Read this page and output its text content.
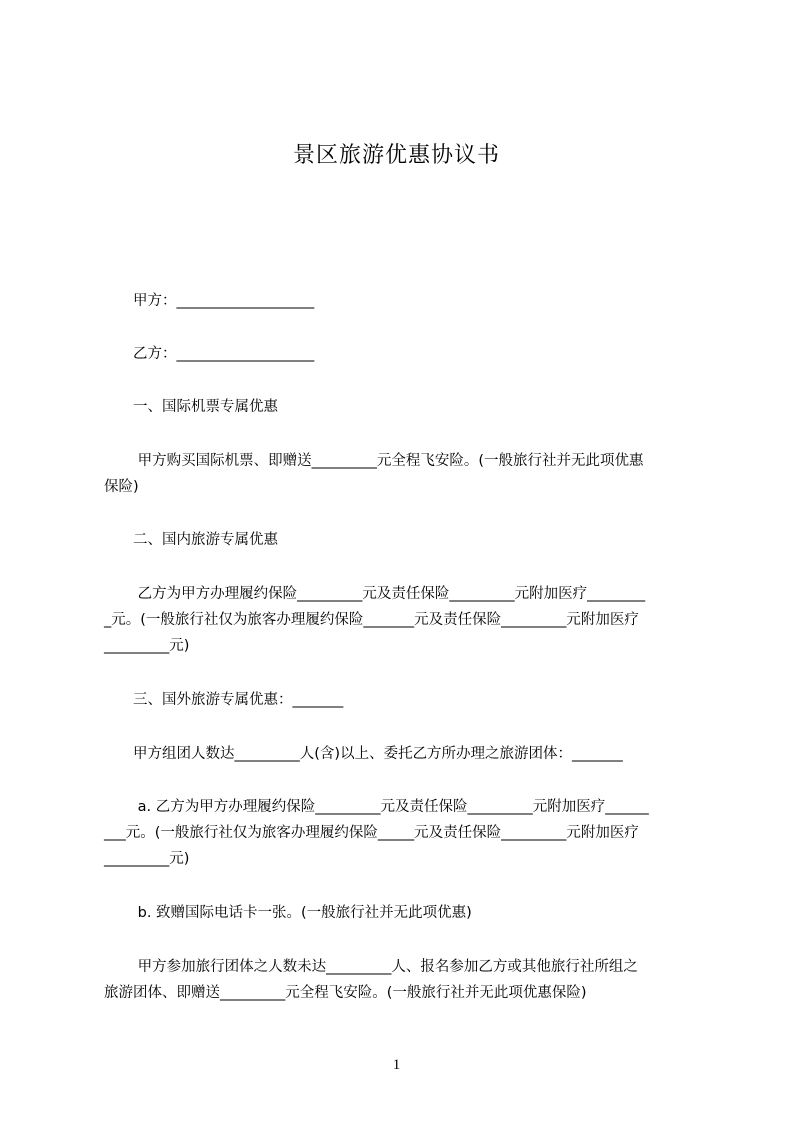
景区旅游优惠协议书
　　甲方：___________________
　　乙方：___________________
　　一、国际机票专属优惠
　　 甲方购买国际机票、即赠送_________元全程飞安险。(一般旅行社并无此项优惠
保险)
　　二、国内旅游专属优惠
　　 乙方为甲方办理履约保险_________元及责任保险_________元附加医疗________
_元。(一般旅行社仅为旅客办理履约保险_______元及责任保险_________元附加医疗
_________元)
　　三、国外旅游专属优惠：_______
　　甲方组团人数达_________人(含)以上、委托乙方所办理之旅游团体：_______
　　 a. 乙方为甲方办理履约保险_________元及责任保险_________元附加医疗______
___元。(一般旅行社仅为旅客办理履约保险_____元及责任保险_________元附加医疗
_________元)
　　 b. 致赠国际电话卡一张。(一般旅行社并无此项优惠)
　　 甲方参加旅行团体之人数未达_________人、报名参加乙方或其他旅行社所组之
旅游团体、即赠送_________元全程飞安险。(一般旅行社并无此项优惠保险)
1
